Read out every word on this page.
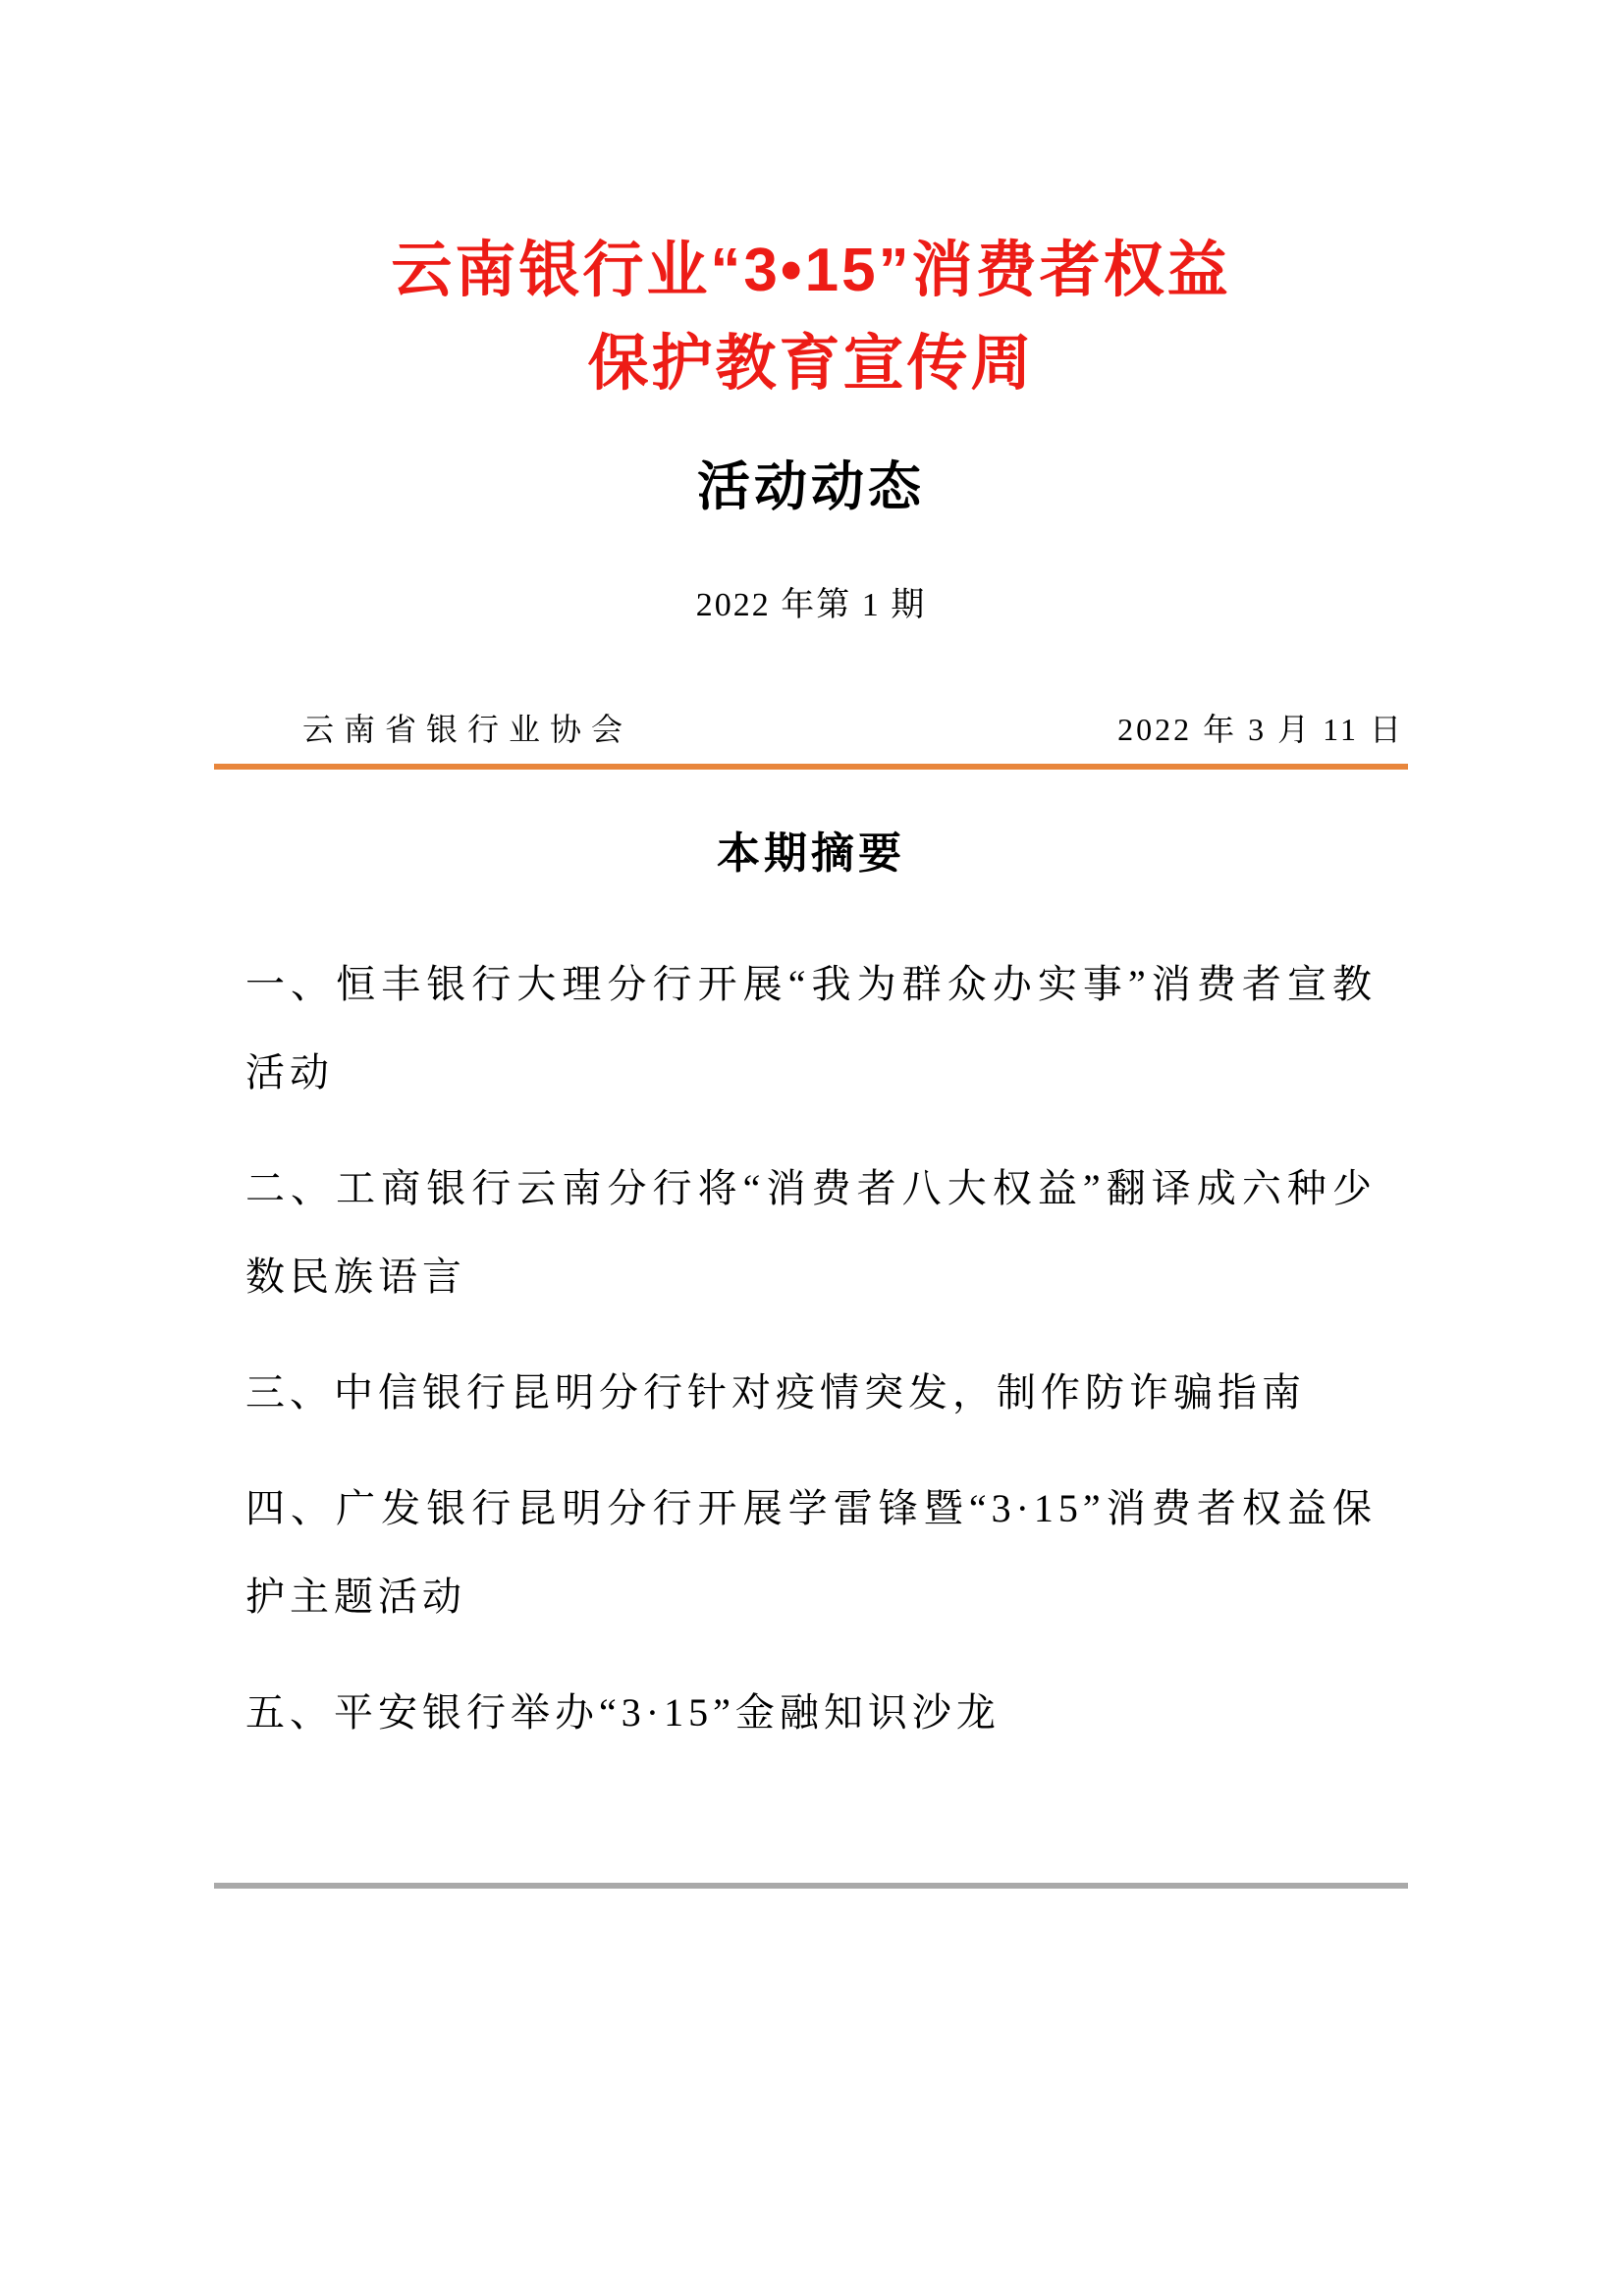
云南银行业“3•15”消费者权益
保护教育宣传周
活动动态
2022 年第 1 期
云南省银行业协会	2022 年 3 月 11 日
本期摘要

一、恒丰银行大理分行开展“我为群众办实事”消费者宣教活动

二、工商银行云南分行将“消费者八大权益”翻译成六种少数民族语言

三、中信银行昆明分行针对疫情突发，制作防诈骗指南

四、广发银行昆明分行开展学雷锋暨“3·15”消费者权益保护主题活动

五、平安银行举办“3·15”金融知识沙龙
